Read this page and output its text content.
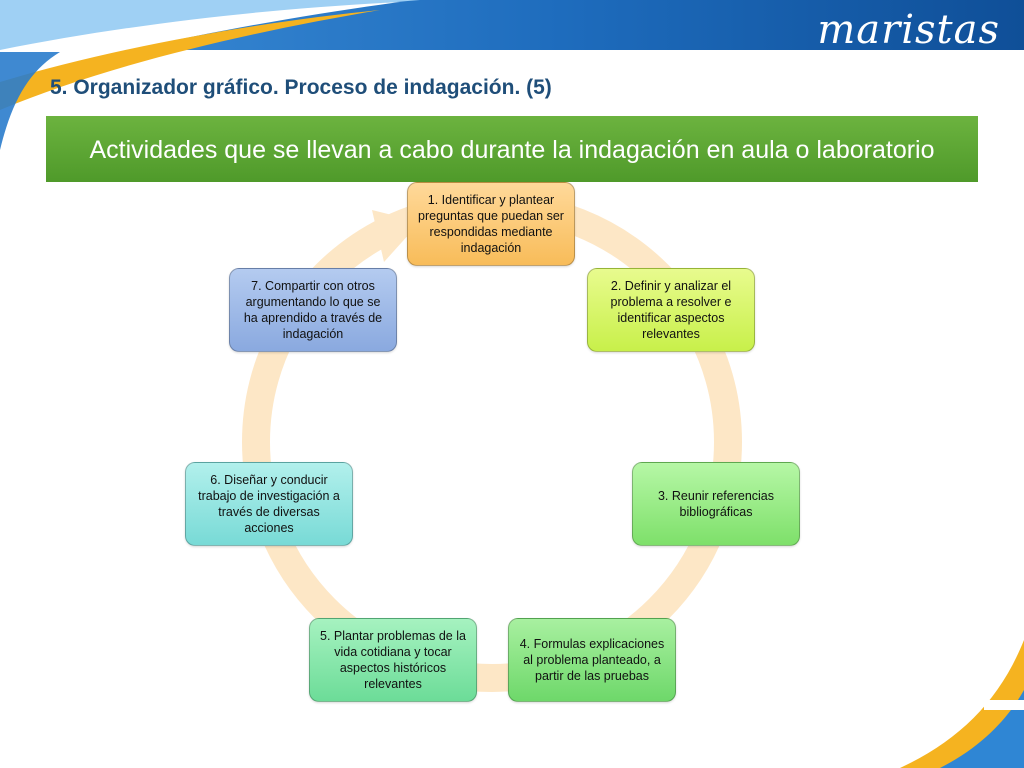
maristas
5. Organizador gráfico. Proceso de indagación. (5)
Actividades que se llevan a cabo durante la indagación en aula o laboratorio
1. Identificar y plantear preguntas que puedan ser respondidas mediante indagación
2. Definir y analizar el problema a resolver e identificar aspectos relevantes
3. Reunir referencias bibliográficas
4. Formulas explicaciones al problema planteado, a partir de las pruebas
5. Plantar problemas de la vida cotidiana y tocar aspectos históricos relevantes
6. Diseñar y conducir trabajo de investigación a través de diversas acciones
7. Compartir con otros argumentando lo que se ha aprendido a través de indagación
